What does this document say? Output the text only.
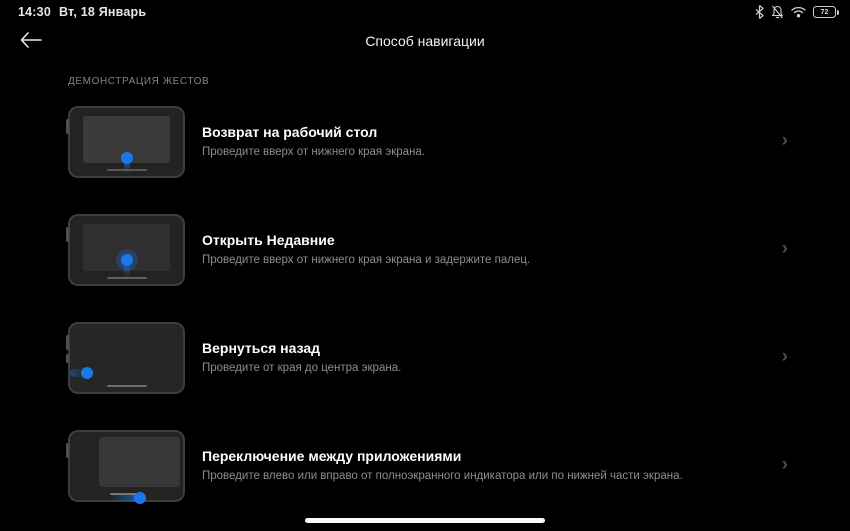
14:30 Вт, 18 Январь	72
Способ навигации
ДЕМОНСТРАЦИЯ ЖЕСТОВ
Возврат на рабочий стол
Проведите вверх от нижнего края экрана.
›
Открыть Недавние
Проведите вверх от нижнего края экрана и задержите палец.
›
Вернуться назад
Проведите от края до центра экрана.
›
Переключение между приложениями
Проведите влево или вправо от полноэкранного индикатора или по нижней части экрана.
›
